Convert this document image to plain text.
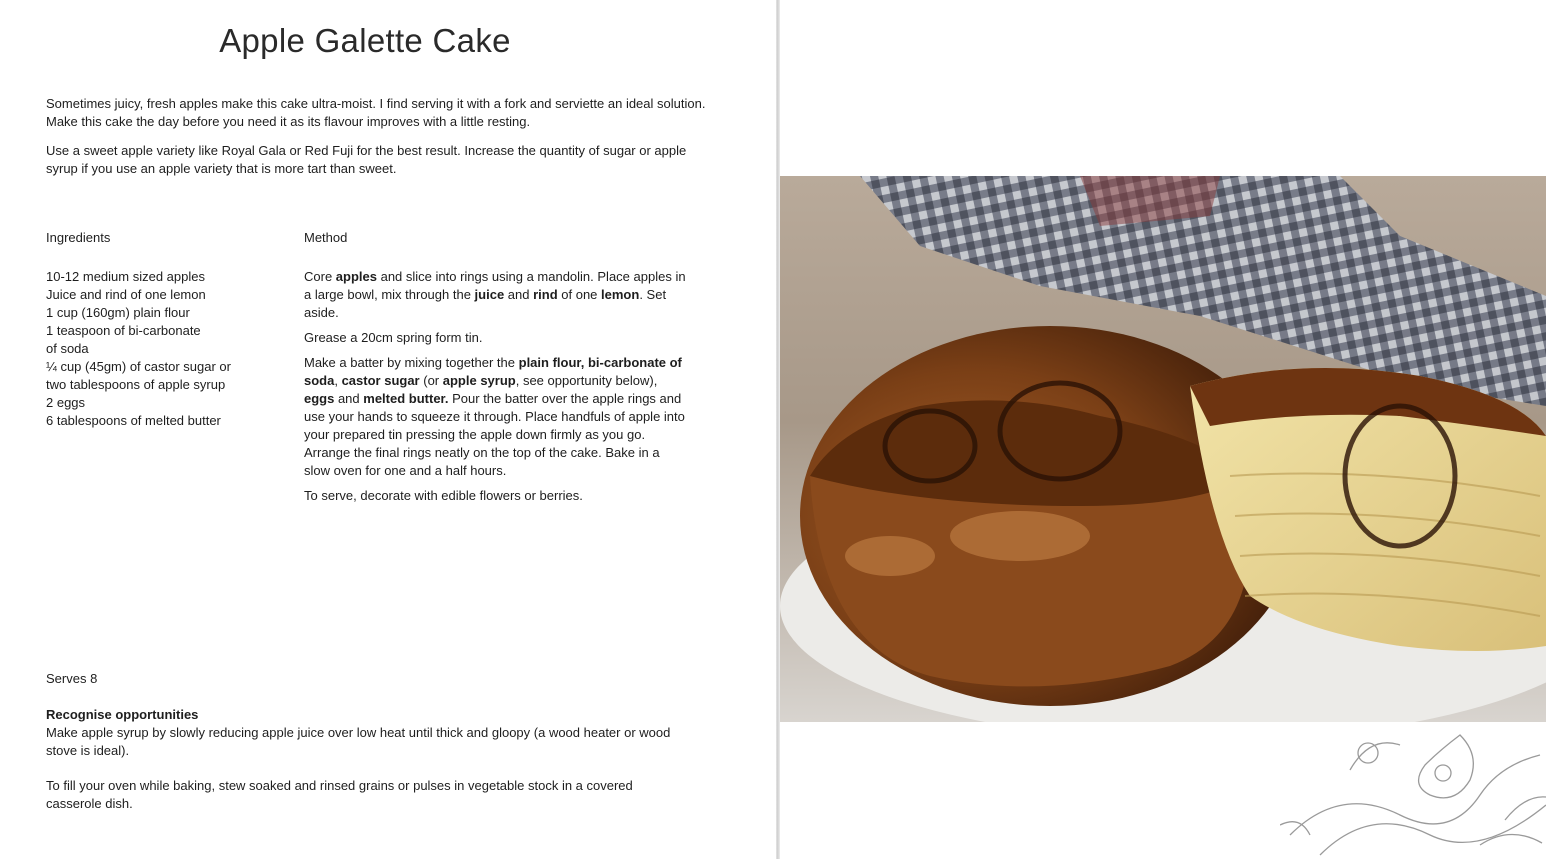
Apple Galette Cake

Sometimes juicy, fresh apples make this cake ultra-moist. I find serving it with a fork and serviette an ideal solution. Make this cake the day before you need it as its flavour improves with a little resting.

Use a sweet apple variety like Royal Gala or Red Fuji for the best result. Increase the quantity of sugar or apple syrup if you use an apple variety that is more tart than sweet.

Ingredients
10-12 medium sized apples
Juice and rind of one lemon
1 cup (160gm) plain flour
1 teaspoon of bi-carbonate
of soda
¼ cup (45gm) of castor sugar or
two tablespoons of apple syrup
2 eggs
6 tablespoons of melted butter
Method

Core apples and slice into rings using a mandolin. Place apples in a large bowl, mix through the juice and rind of one lemon. Set aside.

Grease a 20cm spring form tin.

Make a batter by mixing together the plain flour, bi-carbonate of soda, castor sugar (or apple syrup, see opportunity below), eggs and melted butter. Pour the batter over the apple rings and use your hands to squeeze it through. Place handfuls of apple into your prepared tin pressing the apple down firmly as you go. Arrange the final rings neatly on the top of the cake. Bake in a slow oven for one and a half hours.

To serve, decorate with edible flowers or berries.

Serves 8

Recognise opportunities

Make apple syrup by slowly reducing apple juice over low heat until thick and gloopy (a wood heater or wood stove is ideal).

To fill your oven while baking, stew soaked and rinsed grains or pulses in vegetable stock in a covered casserole dish.
